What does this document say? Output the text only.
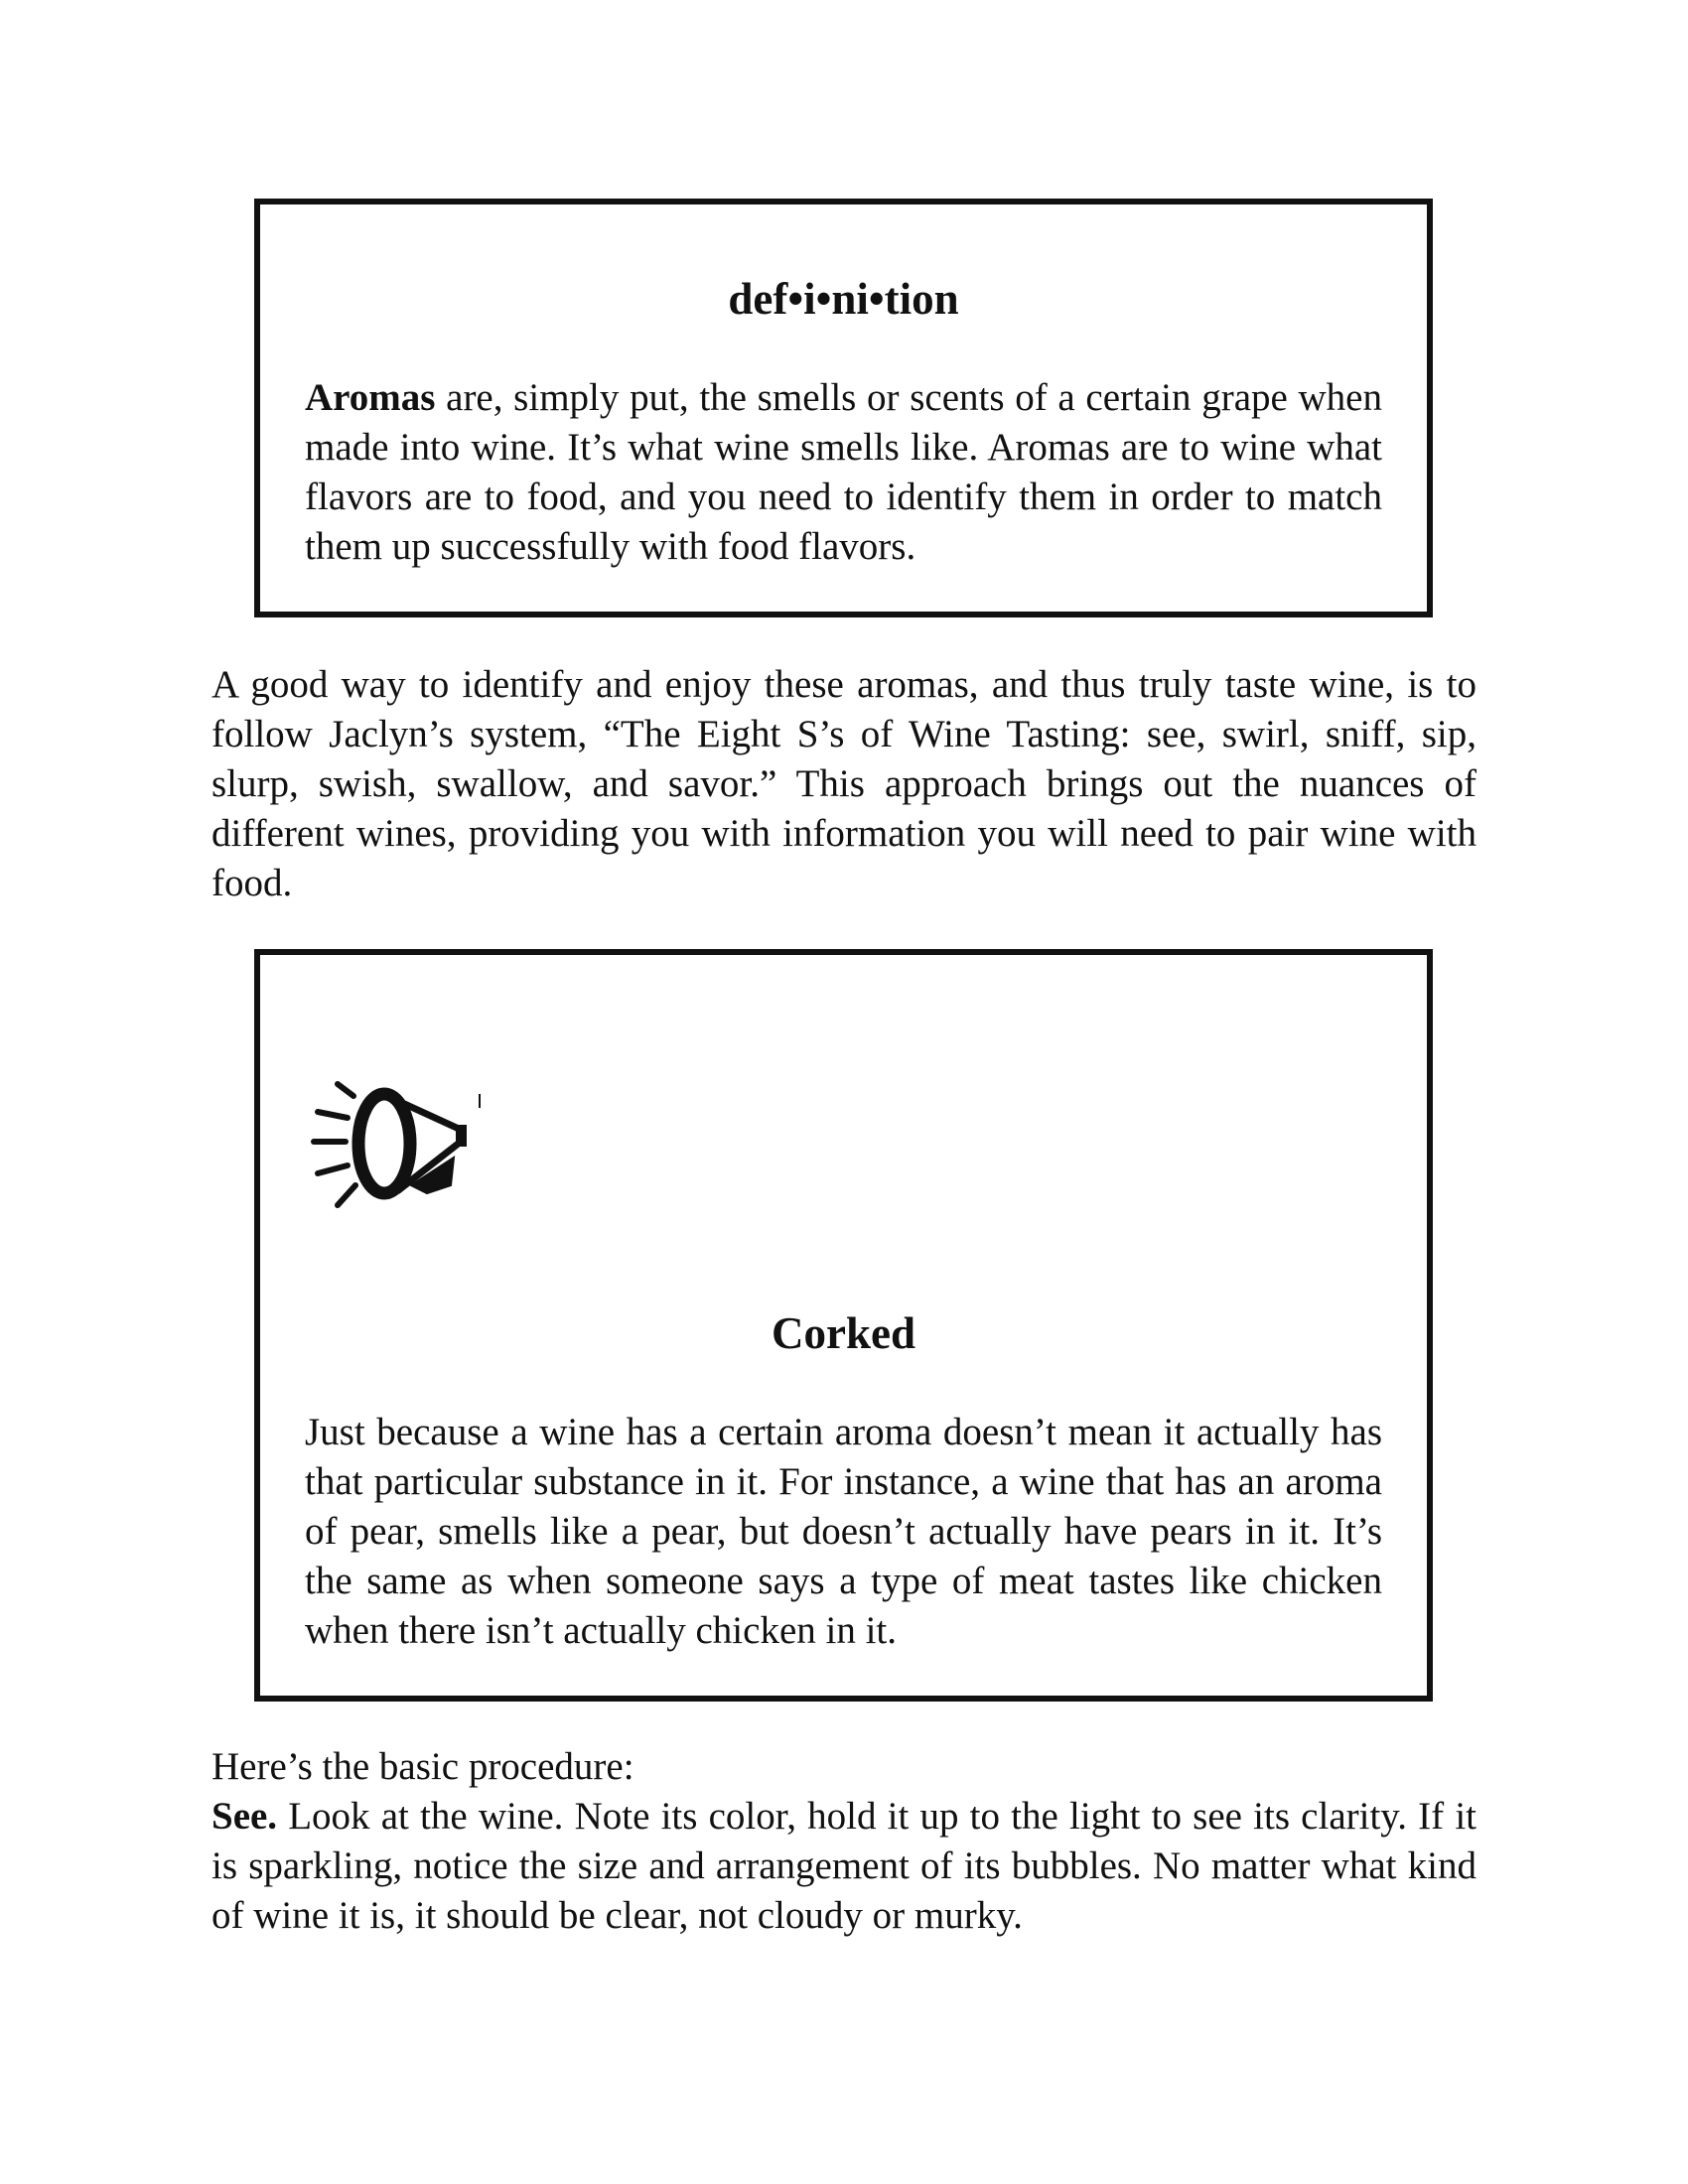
def•i•ni•tion
Aromas are, simply put, the smells or scents of a certain grape when made into wine. It’s what wine smells like. Aromas are to wine what flavors are to food, and you need to identify them in order to match them up successfully with food flavors.

A good way to identify and enjoy these aromas, and thus truly taste wine, is to follow Jaclyn’s system, “The Eight S’s of Wine Tasting: see, swirl, sniff, sip, slurp, swish, swallow, and savor.” This approach brings out the nuances of different wines, providing you with information you will need to pair wine with food.

Corked
Just because a wine has a certain aroma doesn’t mean it actually has that particular substance in it. For instance, a wine that has an aroma of pear, smells like a pear, but doesn’t actually have pears in it. It’s the same as when someone says a type of meat tastes like chicken when there isn’t actually chicken in it.

Here’s the basic procedure:

See. Look at the wine. Note its color, hold it up to the light to see its clarity. If it is sparkling, notice the size and arrangement of its bubbles. No matter what kind of wine it is, it should be clear, not cloudy or murky.
